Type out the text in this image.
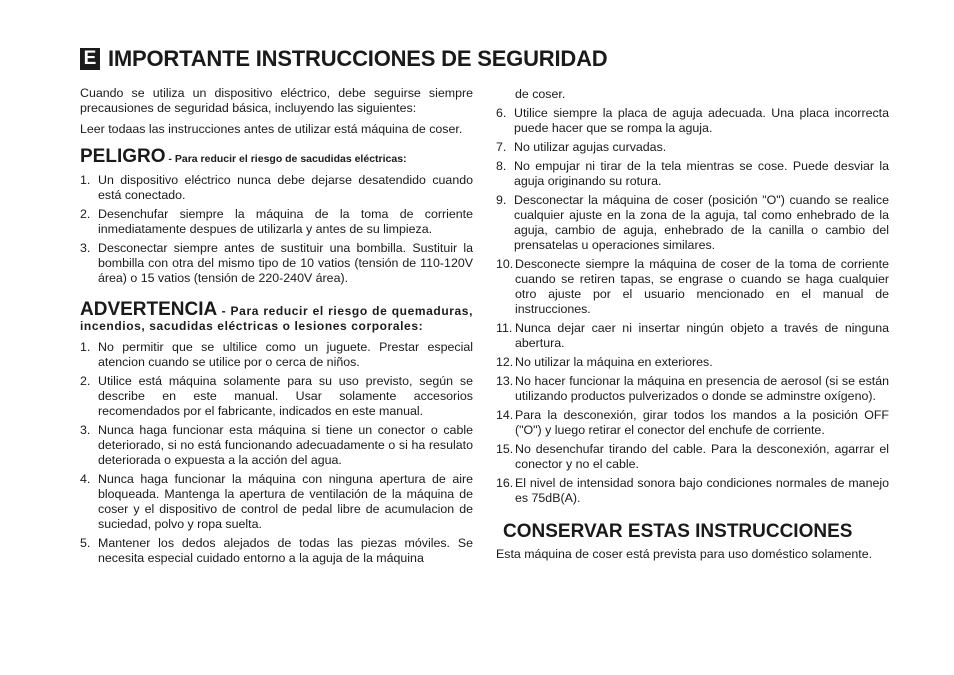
E IMPORTANTE INSTRUCCIONES DE SEGURIDAD

Cuando se utiliza un dispositivo eléctrico, debe seguirse siempre precausiones de seguridad básica, incluyendo las siguientes:

Leer todaas las instrucciones antes de utilizar está máquina de coser.

PELIGRO - Para reducir el riesgo de sacudidas eléctricas:
1. Un dispositivo eléctrico nunca debe dejarse desatendido cuando está conectado.
2. Desenchufar siempre la máquina de la toma de corriente inmediatamente despues de utilizarla y antes de su limpieza.
3. Desconectar siempre antes de sustituir una bombilla. Sustituir la bombilla con otra del mismo tipo de 10 vatios (tensión de 110-120V área) o 15 vatios (tensión de 220-240V área).
ADVERTENCIA - Para reducir el riesgo de quemaduras, incendios, sacudidas eléctricas o lesiones corporales:
1. No permitir que se ultilice como un juguete. Prestar especial atencion cuando se utilice por o cerca de niños.
2. Utilice está máquina solamente para su uso previsto, según se describe en este manual. Usar solamente accesorios recomendados por el fabricante, indicados en este manual.
3. Nunca haga funcionar esta máquina si tiene un conector o cable deteriorado, si no está funcionando adecuadamente o si ha resulato deteriorada o expuesta a la acción del agua.
4. Nunca haga funcionar la máquina con ninguna apertura de aire bloqueada. Mantenga la apertura de ventilación de la máquina de coser y el dispositivo de control de pedal libre de acumulacion de suciedad, polvo y ropa suelta.
5. Mantener los dedos alejados de todas las piezas móviles. Se necesita especial cuidado entorno a la aguja de la máquina
de coser.
6. Utilice siempre la placa de aguja adecuada. Una placa incorrecta puede hacer que se rompa la aguja.
7. No utilizar agujas curvadas.
8. No empujar ni tirar de la tela mientras se cose. Puede desviar la aguja originando su rotura.
9. Desconectar la máquina de coser (posición "O") cuando se realice cualquier ajuste en la zona de la aguja, tal como enhebrado de la aguja, cambio de aguja, enhebrado de la canilla o cambio del prensatelas u operaciones similares.
10. Desconecte siempre la máquina de coser de la toma de corriente cuando se retiren tapas, se engrase o cuando se haga cualquier otro ajuste por el usuario mencionado en el manual de instrucciones.
11. Nunca dejar caer ni insertar ningún objeto a través de ninguna abertura.
12. No utilizar la máquina en exteriores.
13. No hacer funcionar la máquina en presencia de aerosol (si se están utilizando productos pulverizados o donde se adminstre oxígeno).
14. Para la desconexión, girar todos los mandos a la posición OFF ("O") y luego retirar el conector del enchufe de corriente.
15. No desenchufar tirando del cable. Para la desconexión, agarrar el conector y no el cable.
16. El nivel de intensidad sonora bajo condiciones normales de manejo es 75dB(A).
CONSERVAR ESTAS INSTRUCCIONES

Esta máquina de coser está prevista para uso doméstico solamente.
